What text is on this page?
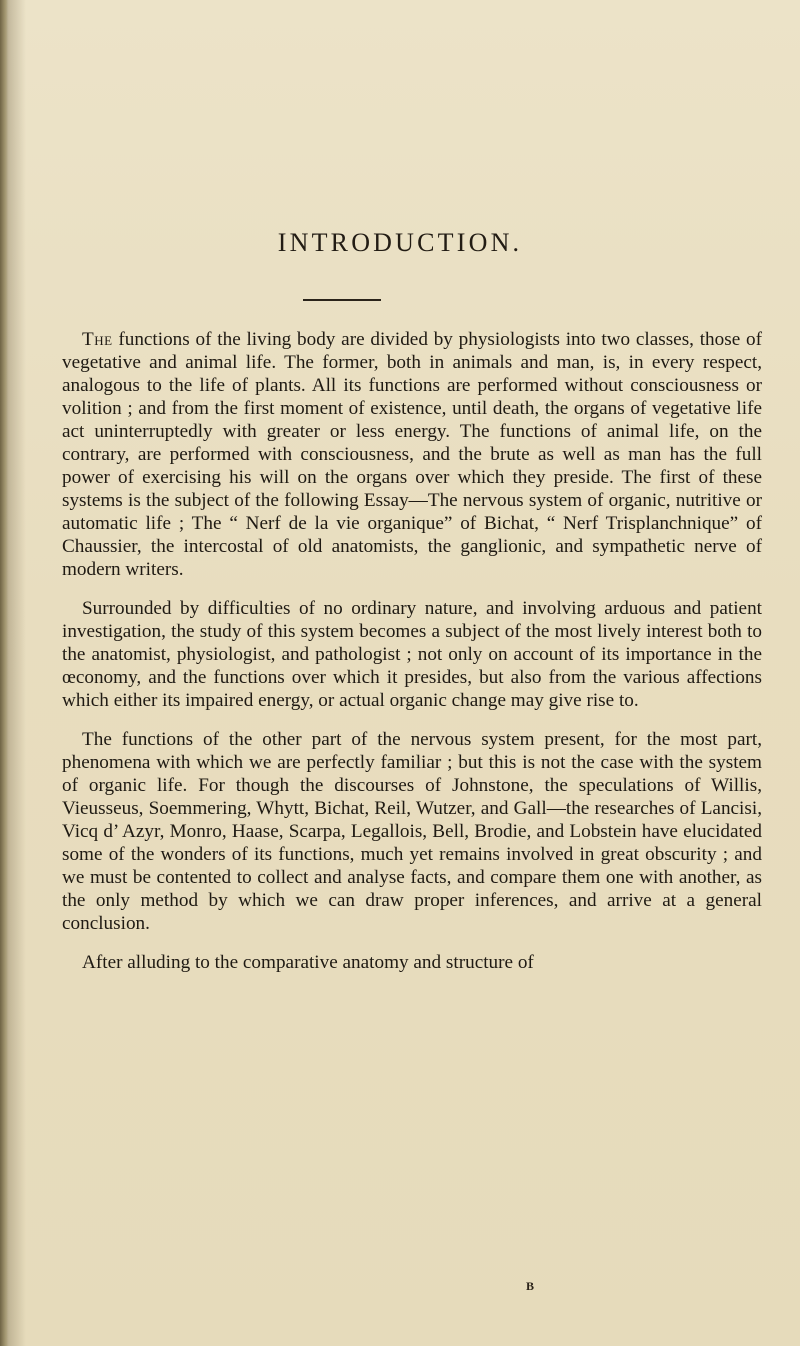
INTRODUCTION.

The functions of the living body are divided by physiologists into two classes, those of vegetative and animal life. The former, both in animals and man, is, in every respect, analogous to the life of plants. All its functions are performed without consciousness or volition ; and from the first moment of existence, until death, the organs of vegetative life act uninterruptedly with greater or less energy. The functions of animal life, on the contrary, are performed with consciousness, and the brute as well as man has the full power of exercising his will on the organs over which they preside. The first of these systems is the subject of the following Essay—The nervous system of organic, nutritive or automatic life ; The “ Nerf de la vie organique” of Bichat, “ Nerf Trisplanchnique” of Chaussier, the intercostal of old anatomists, the ganglionic, and sympathetic nerve of modern writers.

Surrounded by difficulties of no ordinary nature, and involving arduous and patient investigation, the study of this system becomes a subject of the most lively interest both to the anatomist, physiologist, and pathologist ; not only on account of its importance in the œconomy, and the functions over which it presides, but also from the various affections which either its impaired energy, or actual organic change may give rise to.

The functions of the other part of the nervous system present, for the most part, phenomena with which we are perfectly familiar ; but this is not the case with the system of organic life. For though the discourses of Johnstone, the speculations of Willis, Vieusseus, Soemmering, Whytt, Bichat, Reil, Wutzer, and Gall—the researches of Lancisi, Vicq d’ Azyr, Monro, Haase, Scarpa, Legallois, Bell, Brodie, and Lobstein have elucidated some of the wonders of its functions, much yet remains involved in great obscurity ; and we must be contented to collect and analyse facts, and compare them one with another, as the only method by which we can draw proper inferences, and arrive at a general conclusion.

After alluding to the comparative anatomy and structure of

B
